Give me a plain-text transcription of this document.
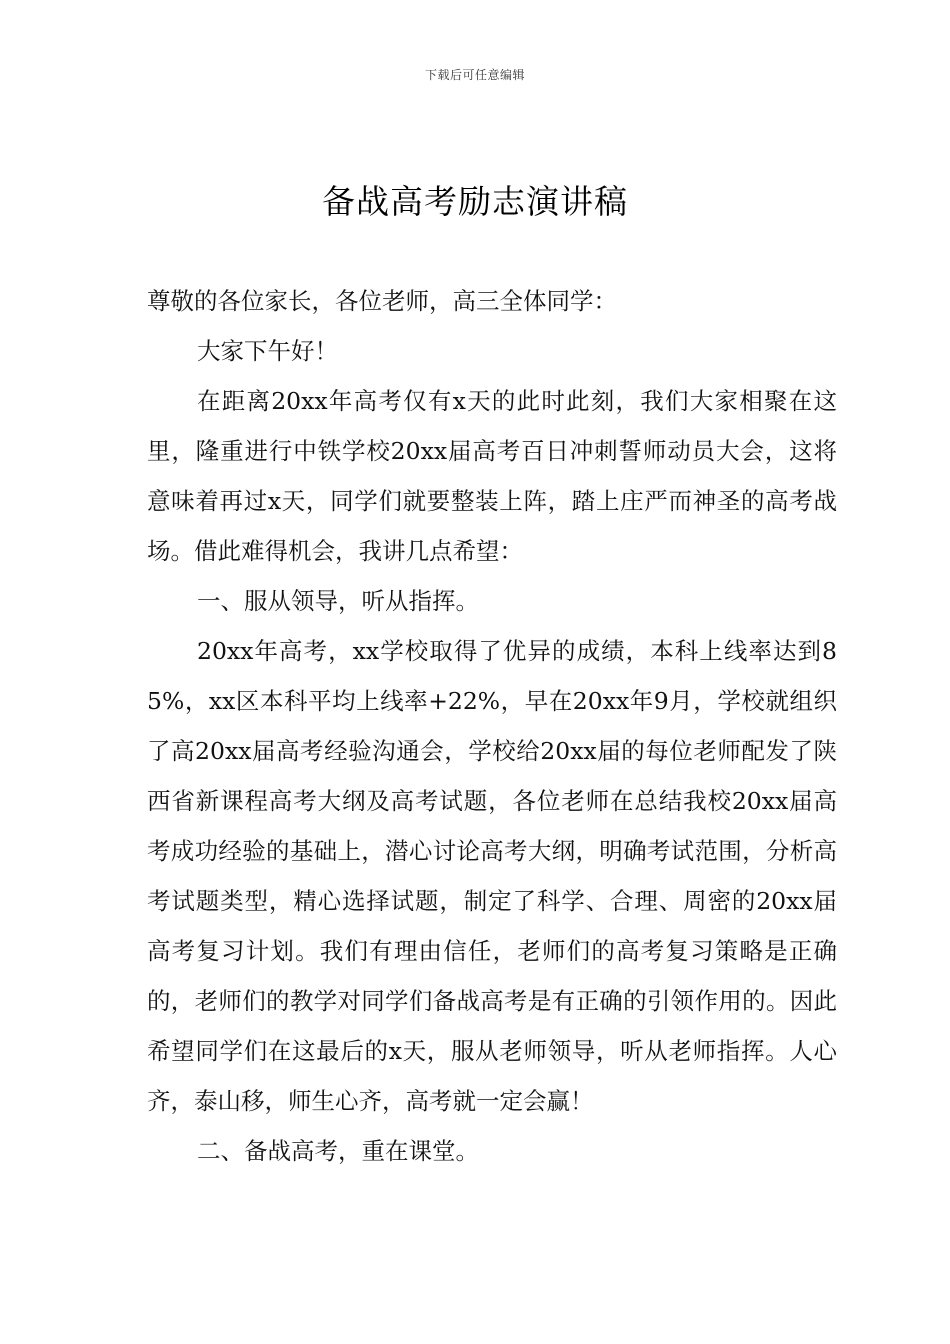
下载后可任意编辑
备战高考励志演讲稿

尊敬的各位家长，各位老师，高三全体同学：

大家下午好！

在距离20xx年高考仅有x天的此时此刻，我们大家相聚在这里，隆重进行中铁学校20xx届高考百日冲刺誓师动员大会，这将意味着再过x天，同学们就要整装上阵，踏上庄严而神圣的高考战场。借此难得机会，我讲几点希望：

一、服从领导，听从指挥。

20xx年高考，xx学校取得了优异的成绩，本科上线率达到85%，xx区本科平均上线率+22%，早在20xx年9月，学校就组织了高20xx届高考经验沟通会，学校给20xx届的每位老师配发了陕西省新课程高考大纲及高考试题，各位老师在总结我校20xx届高考成功经验的基础上，潜心讨论高考大纲，明确考试范围，分析高考试题类型，精心选择试题，制定了科学、合理、周密的20xx届高考复习计划。我们有理由信任，老师们的高考复习策略是正确的，老师们的教学对同学们备战高考是有正确的引领作用的。因此希望同学们在这最后的x天，服从老师领导，听从老师指挥。人心齐，泰山移，师生心齐，高考就一定会赢！

二、备战高考，重在课堂。
